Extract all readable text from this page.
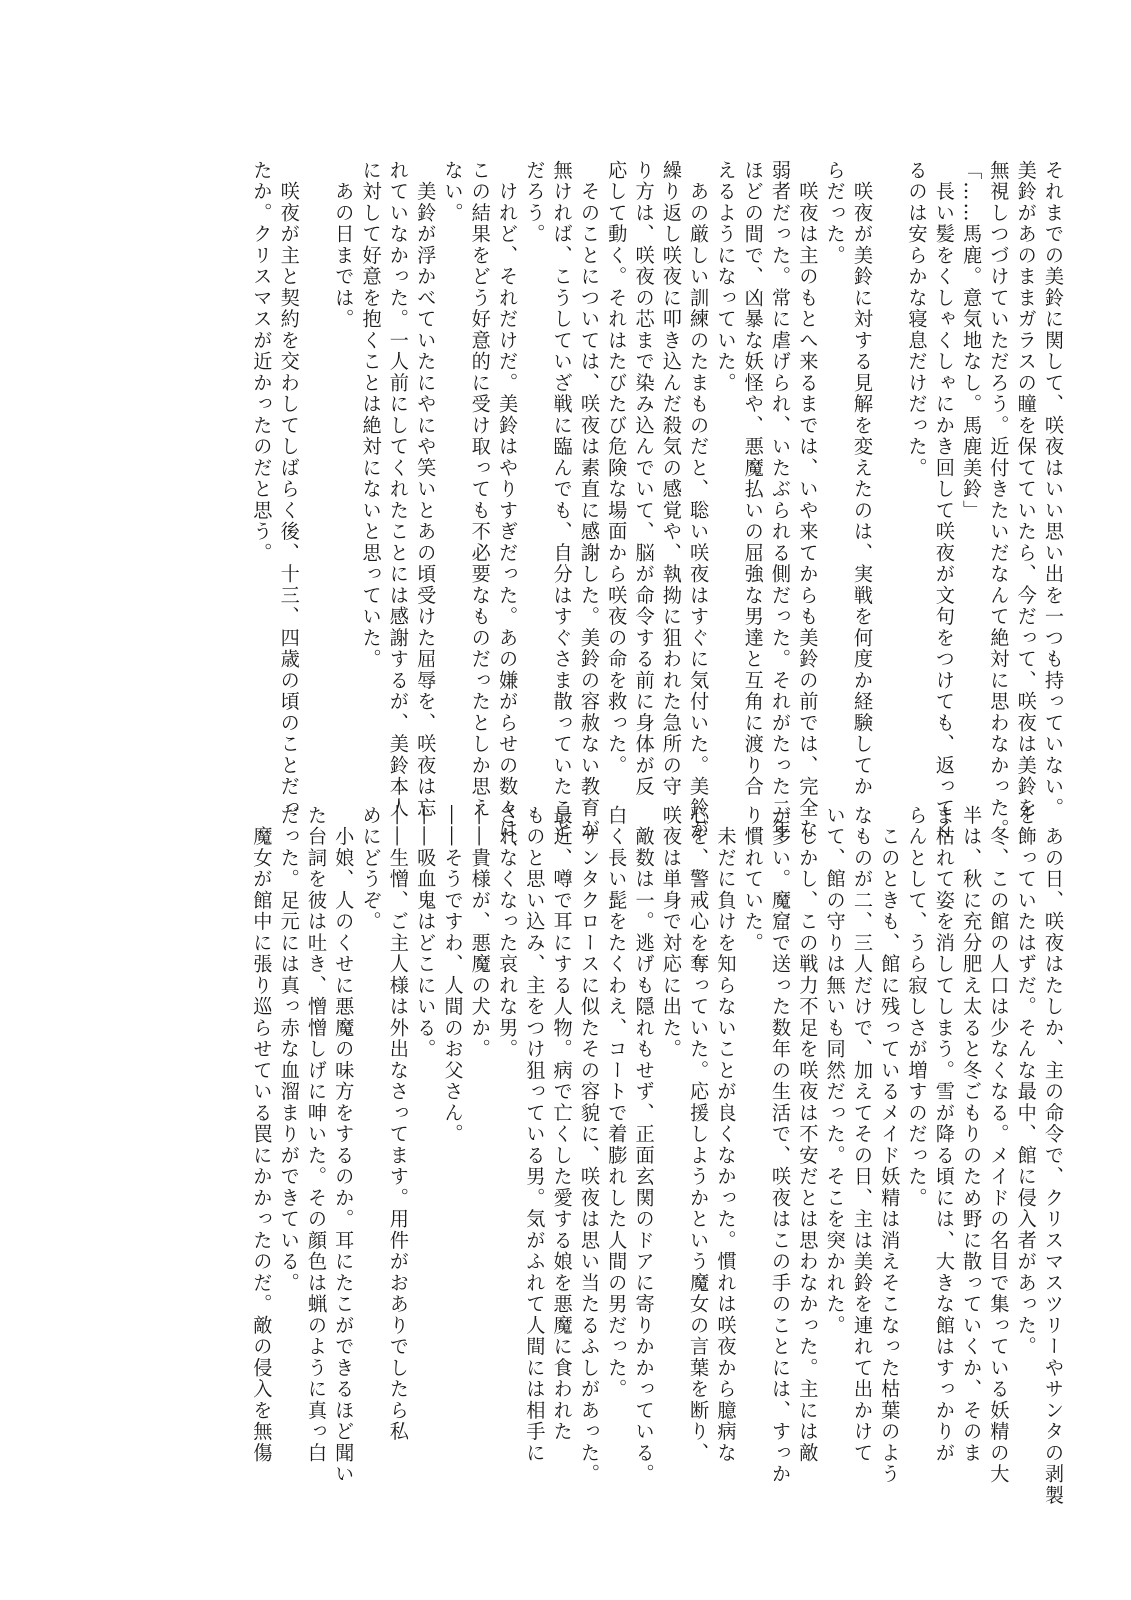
それまでの美鈴に関して、咲夜はいい思い出を一つも持っていない。

美鈴があのままガラスの瞳を保てていたら、今だって、咲夜は美鈴を

無視しつづけていただろう。近付きたいだなんて絶対に思わなかった。

「……馬鹿。意気地なし。馬鹿美鈴」

　長い髪をくしゃくしゃにかき回して咲夜が文句をつけても、返ってく

るのは安らかな寝息だけだった。

　咲夜が美鈴に対する見解を変えたのは、実戦を何度か経験してか

らだった。

　咲夜は主のもとへ来るまでは、いや来てからも美鈴の前では、完全な

弱者だった。常に虐げられ、いたぶられる側だった。それがたった二年

ほどの間で、凶暴な妖怪や、悪魔払いの屈強な男達と互角に渡り合

えるようになっていた。

　あの厳しい訓練のたまものだと、聡い咲夜はすぐに気付いた。美鈴が

繰り返し咲夜に叩き込んだ殺気の感覚や、執拗に狙われた急所の守

り方は、咲夜の芯まで染み込んでいて、脳が命令する前に身体が反

応して動く。それはたびたび危険な場面から咲夜の命を救った。

　そのことについては、咲夜は素直に感謝した。美鈴の容赦ない教育が

無ければ、こうしていざ戦に臨んでも、自分はすぐさま散っていたこと

だろう。

　けれど、それだけだ。美鈴はやりすぎだった。あの嫌がらせの数々は、

この結果をどう好意的に受け取っても不必要なものだったとしか思え

ない。

　美鈴が浮かべていたにやにや笑いとあの頃受けた屈辱を、咲夜は忘

れていなかった。一人前にしてくれたことには感謝するが、美鈴本人

に対して好意を抱くことは絶対にないと思っていた。

　あの日までは。

　咲夜が主と契約を交わしてしばらく後、十三、四歳の頃のことだっ

たか。クリスマスが近かったのだと思う。

　あの日、咲夜はたしか、主の命令で、クリスマスツリーやサンタの剥製

を飾っていたはずだ。そんな最中、館に侵入者があった。

　冬、この館の人口は少なくなる。メイドの名目で集っている妖精の大

半は、秋に充分肥え太ると冬ごもりのため野に散っていくか、そのま

ま枯れて姿を消してしまう。雪が降る頃には、大きな館はすっかりが

らんとして、うら寂しさが増すのだった。

　このときも、館に残っているメイド妖精は消えそこなった枯葉のよう

なものが二、三人だけで、加えてその日、主は美鈴を連れて出かけて

いて、館の守りは無いも同然だった。そこを突かれた。

　しかし、この戦力不足を咲夜は不安だとは思わなかった。主には敵

が多い。魔窟で送った数年の生活で、咲夜はこの手のことには、すっか

り慣れていた。

　未だに負けを知らないことが良くなかった。慣れは咲夜から臆病な

心を、警戒心を奪っていた。応援しようかという魔女の言葉を断り、

咲夜は単身で対応に出た。

　敵数は一。逃げも隠れもせず、正面玄関のドアに寄りかかっている。

白く長い髭をたくわえ、コートで着膨れした人間の男だった。

　サンタクロースに似たその容貌に、咲夜は思い当たるふしがあった。

最近、噂で耳にする人物。病で亡くした愛する娘を悪魔に食われた

ものと思い込み、主をつけ狙っている男。気がふれて人間には相手に

されなくなった哀れな男。

――貴様が、悪魔の犬か。

――そうですわ、人間のお父さん。

――吸血鬼はどこにいる。

――生憎、ご主人様は外出なさってます。用件がおありでしたら私

めにどうぞ。

　小娘、人のくせに悪魔の味方をするのか。耳にたこができるほど聞い

た台詞を彼は吐き、憎憎しげに呻いた。その顔色は蝋のように真っ白

だった。足元には真っ赤な血溜まりができている。

　魔女が館中に張り巡らせている罠にかかったのだ。敵の侵入を無傷
